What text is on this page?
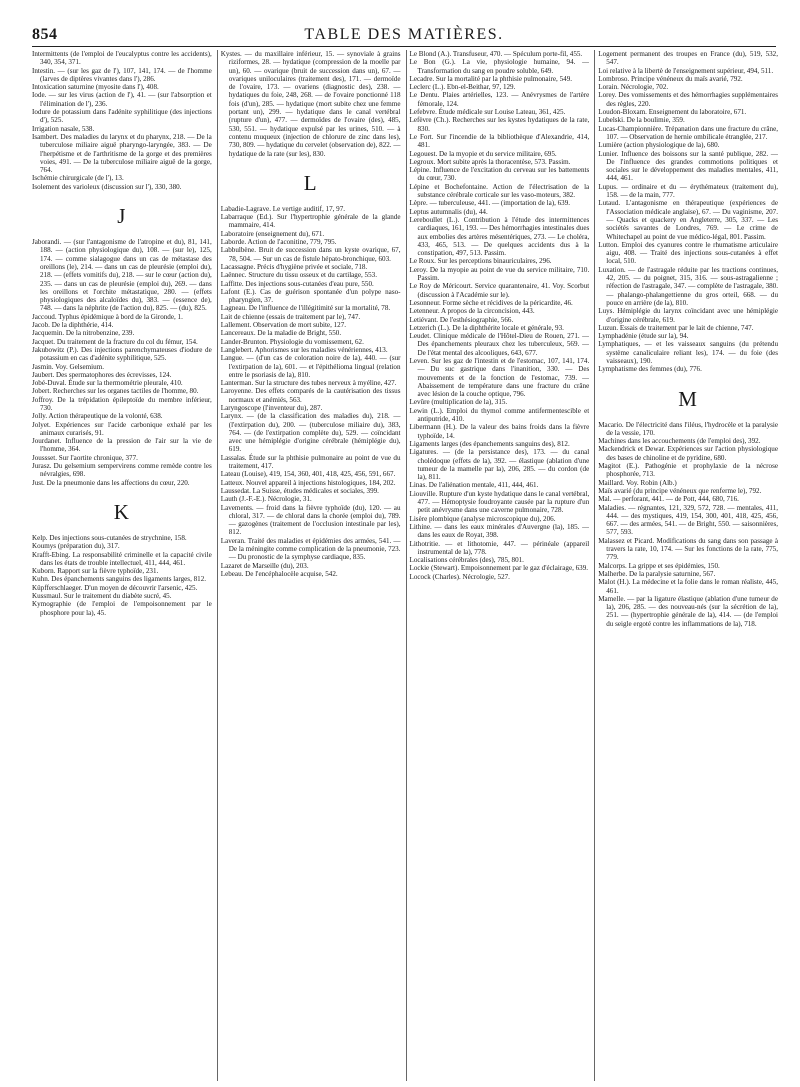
854	TABLE DES MATIÈRES.

Intermittents (de l'emploi de l'eucalyptus contre les accidents), 340, 354, 371.

Intestin. — (sur les gaz de l'), 107, 141, 174. — de l'homme (larves de diptères vivantes dans l'), 286.

Intoxication saturnine (myosite dans l'), 408.

Iode. — sur les virus (action de l'), 41. — (sur l'absorption et l'élimination de l'), 236.

Iodure de potassium dans l'adénite syphilitique (des injections d'), 525.

Irrigation nasale, 538.

Isambert. Des maladies du larynx et du pharynx, 218. — De la tuberculose miliaire aiguë pharyngo-laryngée, 383. — De l'herpétisme et de l'arthritisme de la gorge et des premières voies, 491. — De la tuberculose miliaire aiguë de la gorge, 764.

Ischémie chirurgicale (de l'), 13.

Isolement des varioleux (discussion sur l'), 330, 380.

J

Jaborandi. — (sur l'antagonisme de l'atropine et du), 81, 141, 188. — (action physiologique du), 108. — (sur le), 125, 174. — comme sialagogue dans un cas de métastase des oreillons (le), 214. — dans un cas de pleurésie (emploi du), 218. — (effets vomitifs du), 218. — sur le cœur (action du), 235. — dans un cas de pleurésie (emploi du), 269. — dans les oreillons et l'orchite métastatique, 280. — (effets physiologiques des alcaloïdes du), 383. — (essence de), 748. — dans la néphrite (de l'action du), 825. — (du), 825.

Jaccoud. Typhus épidémique à bord de la Gironde, 1.

Jacob. De la diphthérie, 414.

Jacquemin. De la nitrobenzine, 239.

Jacquet. Du traitement de la fracture du col du fémur, 154.

Jakubowitz (P.). Des injections parenchymateuses d'iodure de potassium en cas d'adénite syphilitique, 525.

Jasmin. Voy. Gelsemium.

Jaubert. Des spermatophores des écrevisses, 124.

Jobé-Duval. Étude sur la thermométrie pleurale, 410.

Jobert. Recherches sur les organes tactiles de l'homme, 80.

Joffroy. De la trépidation épileptoïde du membre inférieur, 730.

Jolly. Action thérapeutique de la volonté, 638.

Jolyet. Expériences sur l'acide carbonique exhalé par les animaux curarisés, 91.

Jourdanet. Influence de la pression de l'air sur la vie de l'homme, 364.

Joussset. Sur l'aortite chronique, 377.

Jurasz. Du gelsemium sempervirens comme remède contre les névralgies, 698.

Just. De la pneumonie dans les affections du cœur, 220.

K

Kelp. Des injections sous-cutanées de strychnine, 158.

Koumys (préparation du), 317.

Krafft-Ebing. La responsabilité criminelle et la capacité civile dans les états de trouble intellectuel, 411, 444, 461.

Kuborn. Rapport sur la fièvre typhoïde, 231.

Kuhn. Des épanchements sanguins des ligaments larges, 812.

Küpfferschlaeger. D'un moyen de découvrir l'arsenic, 425.

Kussmaul. Sur le traitement du diabète sucré, 45.

Kymographie (de l'emploi de l'empoisonnement par le phosphore pour la), 45.

Kystes. — du maxillaire inférieur, 15. — synoviale à grains riziformes, 28. — hydatique (compression de la moelle par un), 60. — ovarique (bruit de succession dans un), 67. — ovariques uniloculaires (traitement des), 171. — dermoïde de l'ovaire, 173. — ovariens (diagnostic des), 238. — hydatiques du foie, 248, 268. — de l'ovaire ponctionné 118 fois (d'un), 285. — hydatique (mort subite chez une femme portant un), 299. — hydatique dans le canal vertébral (rupture d'un), 477. — dermoïdes de l'ovaire (des), 485, 530, 551. — hydatique expulsé par les urines, 510. — à contenu muqueux (injection de chlorure de zinc dans les), 730, 809. — hydatique du cervelet (observation de), 822. — hydatique de la rate (sur les), 830.

L

Labadie-Lagrave. Le vertige auditif, 17, 97.

Labarraque (Ed.). Sur l'hypertrophie générale de la glande mammaire, 414.

Laboratoire (enseignement du), 671.

Laborde. Action de l'aconitine, 779, 795.

Labbulbène. Bruit de succession dans un kyste ovarique, 67, 78, 504. — Sur un cas de fistule hépato-bronchique, 603.

Lacassagne. Précis d'hygiène privée et sociale, 718.

Laënnec. Structure du tissu osseux et du cartilage, 553.

Laffitte. Des injections sous-cutanées d'eau pure, 550.

Lafont (E.). Cas de guérison spontanée d'un polype naso-pharyngien, 37.

Lagneau. De l'influence de l'illégitimité sur la mortalité, 78.

Lait de chienne (essais de traitement par le), 747.

Lallement. Observation de mort subite, 127.

Lancereaux. De la maladie de Bright, 550.

Lander-Brunton. Physiologie du vomissement, 62.

Langlebert. Aphorismes sur les maladies vénériennes, 413.

Langue. — (d'un cas de coloration noire de la), 440. — (sur l'extirpation de la), 601. — et l'épithélioma lingual (relation entre le psoriasis de la), 810.

Lanterman. Sur la structure des tubes nerveux à myéline, 427.

Laroyenne. Des effets comparés de la cautérisation des tissus normaux et anémiés, 563.

Laryngoscope (l'inventeur du), 287.

Larynx. — (de la classification des maladies du), 218. — (l'extirpation du), 200. — (tuberculose miliaire du), 383, 764. — (de l'extirpation complète du), 529. — coïncidant avec une hémiplégie d'origine cérébrale (hémiplégie du), 619.

Lassalas. Étude sur la phthisie pulmonaire au point de vue du traitement, 417.

Lateau (Louise), 419, 154, 360, 401, 418, 425, 456, 591, 667.

Latteux. Nouvel appareil à injections histologiques, 184, 202.

Laussedat. La Suisse, études médicales et sociales, 399.

Lauth (J.-F.-E.). Nécrologie, 31.

Lavements. — froid dans la fièvre typhoïde (du), 120. — au chloral, 317. — de chloral dans la chorée (emploi du), 789. — gazogènes (traitement de l'occlusion intestinale par les), 812.

Laveran. Traité des maladies et épidémies des armées, 541. — De la méningite comme complication de la pneumonie, 723. — Du pronostic de la symphyse cardiaque, 835.

Lazaret de Marseille (du), 203.

Lebeau. De l'encéphalocèle acquise, 542.

Le Blond (A.). Transfuseur, 470. — Spéculum porte-fil, 455.

Le Bon (G.). La vie, physiologie humaine, 94. — Transformation du sang en poudre soluble, 649.

Lecadre. Sur la mortalité par la phthisie pulmonaire, 549.

Leclerc (L.). Ebn-el-Beithar, 97, 129.

Le Dentu. Plaies artérielles, 123. — Anévrysmes de l'artère fémorale, 124.

Lefebvre. Étude médicale sur Louise Lateau, 361, 425.

Lefèvre (Ch.). Recherches sur les kystes hydatiques de la rate, 830.

Le Fort. Sur l'incendie de la bibliothèque d'Alexandrie, 414, 481.

Legouest. De la myopie et du service militaire, 695.

Legroux. Mort subite après la thoracentèse, 573. Passim.

Lépine. Influence de l'excitation du cerveau sur les battements du cœur, 730.

Lépine et Bochefontaine. Action de l'électrisation de la substance cérébrale corticale sur les vaso-moteurs, 382.

Lèpre. — tuberculeuse, 441. — (importation de la), 639.

Leptus autumnalis (du), 44.

Lereboullet (L.). Contribution à l'étude des intermittences cardiaques, 161, 193. — Des hémorrhagies intestinales dues aux embolies des artères mésentériques, 273. — Le choléra, 433, 465, 513. — De quelques accidents dus à la constipation, 497, 513. Passim.

Le Roux. Sur les perceptions binauriculaires, 296.

Leroy. De la myopie au point de vue du service militaire, 710. Passim.

Le Roy de Méricourt. Service quarantenaire, 41. Voy. Scorbut (discussion à l'Académie sur le).

Lesonneur. Forme sèche et récidives de la péricardite, 46.

Letenneur. A propos de la circoncision, 443.

Letiévant. De l'esthésiographie, 566.

Letzerich (L.). De la diphthérite locale et générale, 93.

Leudet. Clinique médicale de l'Hôtel-Dieu de Rouen, 271. — Des épanchements pleuraux chez les tuberculeux, 569. — De l'état mental des alcooliques, 643, 677.

Leven. Sur les gaz de l'intestin et de l'estomac, 107, 141, 174. — Du suc gastrique dans l'inanition, 330. — Des mouvements et de la fonction de l'estomac, 739. — Abaissement de température dans une fracture du crâne avec lésion de la couche optique, 796.

Levûre (multiplication de la), 315.

Lewin (L.). Emploi du thymol comme antifermentescible et antiputride, 410.

Libermann (H.). De la valeur des bains froids dans la fièvre typhoïde, 14.

Ligaments larges (des épanchements sanguins des), 812.

Ligatures. — (de la persistance des), 173. — du canal cholédoque (effets de la), 392. — élastique (ablation d'une tumeur de la mamelle par la), 206, 285. — du cordon (de la), 811.

Linas. De l'aliénation mentale, 411, 444, 461.

Liouville. Rupture d'un kyste hydatique dans le canal vertébral, 477. — Hémoptysie foudroyante causée par la rupture d'un petit anévrysme dans une caverne pulmonaire, 728.

Lisère plombique (analyse microscopique du), 206.

Lithine. — dans les eaux minérales d'Auvergne (la), 185. — dans les eaux de Royat, 398.

Lithotritie. — et lithotomie, 447. — périnéale (appareil instrumental de la), 778.

Localisations cérébrales (des), 785, 801.

Lockie (Stewart). Empoisonnement par le gaz d'éclairage, 639.

Locock (Charles). Nécrologie, 527.

Logement permanent des troupes en France (du), 519, 532, 547.

Loi relative à la libertè de l'enseignement supérieur, 494, 511.

Lombroso. Principe vénéneux du maïs avarié, 792.

Lorain. Nécrologie, 702.

Lorey. Des vomissements et des hémorrhagies supplémentaires des règles, 220.

Loudon-Bloxam. Enseignement du laboratoire, 671.

Lubelski. De la boulimie, 359.

Lucas-Championnière. Trépanation dans une fracture du crâne, 107. — Observation de hernie ombilicale étranglée, 217.

Lumière (action physiologique de la), 680.

Lunier. Influence des boissons sur la santé publique, 282. — De l'influence des grandes commotions politiques et sociales sur le développement des maladies mentales, 411, 444, 461.

Lupus. — ordinaire et du — érythémateux (traitement du), 158. — de la main, 777.

Lutaud. L'antagonisme en thérapeutique (expériences de l'Association médicale anglaise), 67. — Du vaginisme, 207. — Quacks et quackery en Angleterre, 305, 337. — Les sociétés savantes de Londres, 769. — Le crime de Whitechapel au point de vue médico-légal, 801. Passim.

Lutton. Emploi des cyanures contre le rhumatisme articulaire aigu, 408. — Traité des injections sous-cutanées à effet local, 510.

Luxation. — de l'astragale réduite par les tractions continues, 42, 205. — du poignet, 315, 316. — sous-astragalienne ; réfection de l'astragale, 347. — complète de l'astragale, 380. — phalango-phalangettienne du gros orteil, 668. — du pouce en arrière (de la), 810.

Luys. Hémiplégie du larynx coïncidant avec une hémiplégie d'origine cérébrale, 619.

Luzun. Essais de traitement par le lait de chienne, 747.

Lymphadénie (étude sur la), 94.

Lymphatiques, — et les vaisseaux sanguins (du prétendu système canaliculaire reliant les), 174. — du foie (des vaisseaux), 190.

Lymphatisme des femmes (du), 776.

M

Macario. De l'électricité dans l'iléus, l'hydrocèle et la paralysie de la vessie, 170.

Machines dans les accouchements (de l'emploi des), 392.

Mackendrick et Dewar. Expériences sur l'action physiologique des bases de chinoline et de pyridine, 680.

Magitot (E.). Pathogénie et prophylaxie de la nécrose phosphorée, 713.

Maillard. Voy. Robin (Alb.)

Maïs avarié (du principe vénéneux que renferme le), 792.

Mal. — perforant, 441. — de Pott, 444, 680, 716.

Maladies. — régnantes, 121, 329, 572, 728. — mentales, 411, 444. — des mystiques, 419, 154, 300, 401, 418, 425, 456, 667. — des armées, 541. — de Bright, 550. — saisonnières, 577, 593.

Malassez et Picard. Modifications du sang dans son passage à travers la rate, 10, 174. — Sur les fonctions de la rate, 775, 779.

Malcorps. La grippe et ses épidémies, 150.

Malherbe. De la paralysie saturnine, 567.

Malot (H.). La médecine et la folie dans le roman réaliste, 445, 461.

Mamelle. — par la ligature élastique (ablation d'une tumeur de la), 206, 285. — des nouveau-nés (sur la sécrétion de la), 251. — (hypertrophie générale de la), 414. — (de l'emploi du seigle ergoté contre les inflammations de la), 718.
